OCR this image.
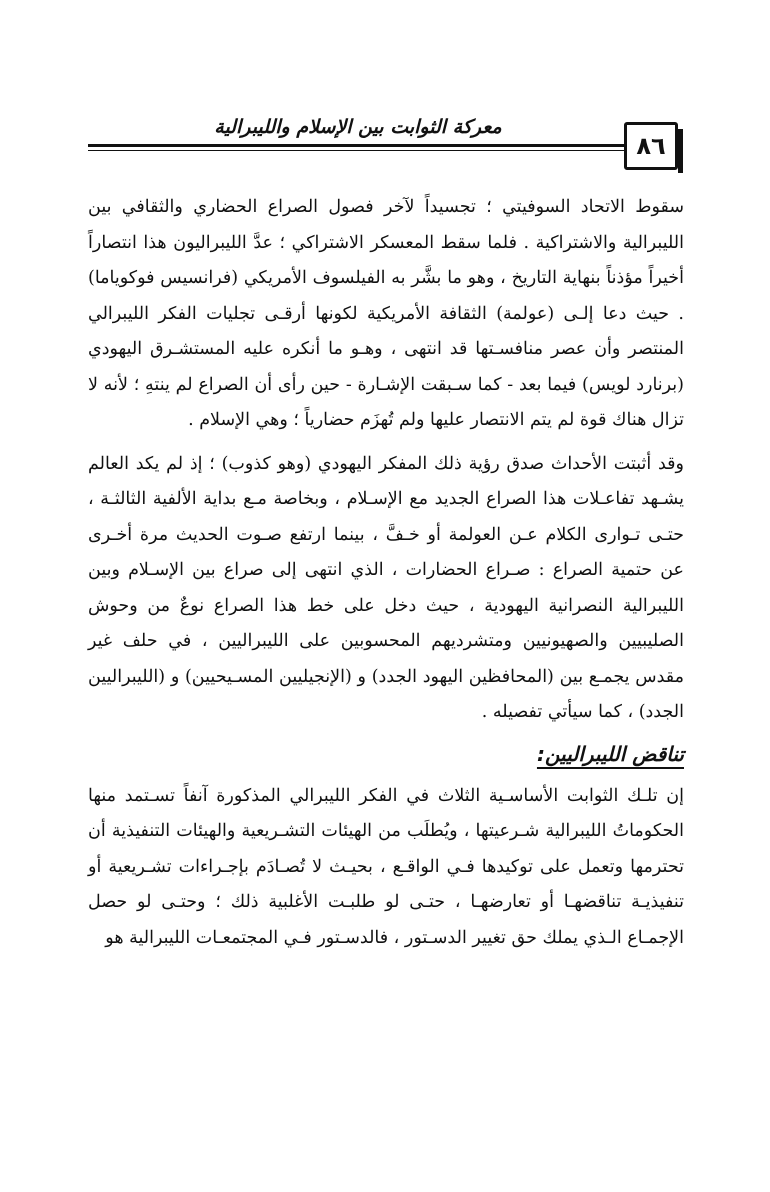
معركة الثوابت بين الإسلام والليبرالية
٨٦

سقوط الاتحاد السوفيتي ؛ تجسيداً لآخر فصول الصراع الحضاري والثقافي بين الليبرالية والاشتراكية . فلما سقط المعسكر الاشتراكي ؛ عدَّ الليبراليون هذا انتصاراً أخيراً مؤذناً بنهاية التاريخ ، وهو ما بشَّر به الفيلسوف الأمريكي (فرانسيس فوكوياما) . حيث دعا إلـى (عولمة) الثقافة الأمريكية لكونها أرقـى تجليات الفكر الليبرالي المنتصر وأن عصر منافسـتها قد انتهى ، وهـو ما أنكره عليه المستشـرق اليهودي (برنارد لويس) فيما بعد - كما سـبقت الإشـارة - حين رأى أن الصراع لم ينتهِ ؛ لأنه لا تزال هناك قوة لم يتم الانتصار عليها ولم تُهزَم حضارياً ؛ وهي الإسلام .

وقد أثبتت الأحداث صدق رؤية ذلك المفكر اليهودي (وهو كذوب) ؛ إذ لم يكد العالم يشـهد تفاعـلات هذا الصراع الجديد مع الإسـلام ، وبخاصة مـع بداية الألفية الثالثـة ، حتـى تـوارى الكلام عـن العولمة أو خـفَّ ، بينما ارتفع صـوت الحديث مرة أخـرى عن حتمية الصراع : صـراع الحضارات ، الذي انتهى إلى صراع بين الإسـلام وبين الليبرالية النصرانية اليهودية ، حيث دخل على خط هذا الصراع نوعٌ من وحوش الصليبيين والصهيونيين ومتشرديهم المحسوبين على الليبراليين ، في حلف غير مقدس يجمـع بين (المحافظين اليهود الجدد) و (الإنجيليين المسـيحيين) و (الليبراليين الجدد) ، كما سيأتي تفصيله .

تناقض الليبراليين:

إن تلـك الثوابت الأساسـية الثلاث في الفكر الليبرالي المذكورة آنفاً تسـتمد منها الحكوماتُ الليبرالية شـرعيتها ، ويُطلَب من الهيئات التشـريعية والهيئات التنفيذية أن تحترمها وتعمل على توكيدها فـي الواقـع ، بحيـث لا تُصـادَم بإجـراءات تشـريعية أو تنفيذيـة تناقضهـا أو تعارضهـا ، حتـى لو طلبـت الأغلبية ذلك ؛ وحتـى لو حصل الإجمـاع الـذي يملك حق تغيير الدسـتور ، فالدسـتور فـي المجتمعـات الليبرالية هو
